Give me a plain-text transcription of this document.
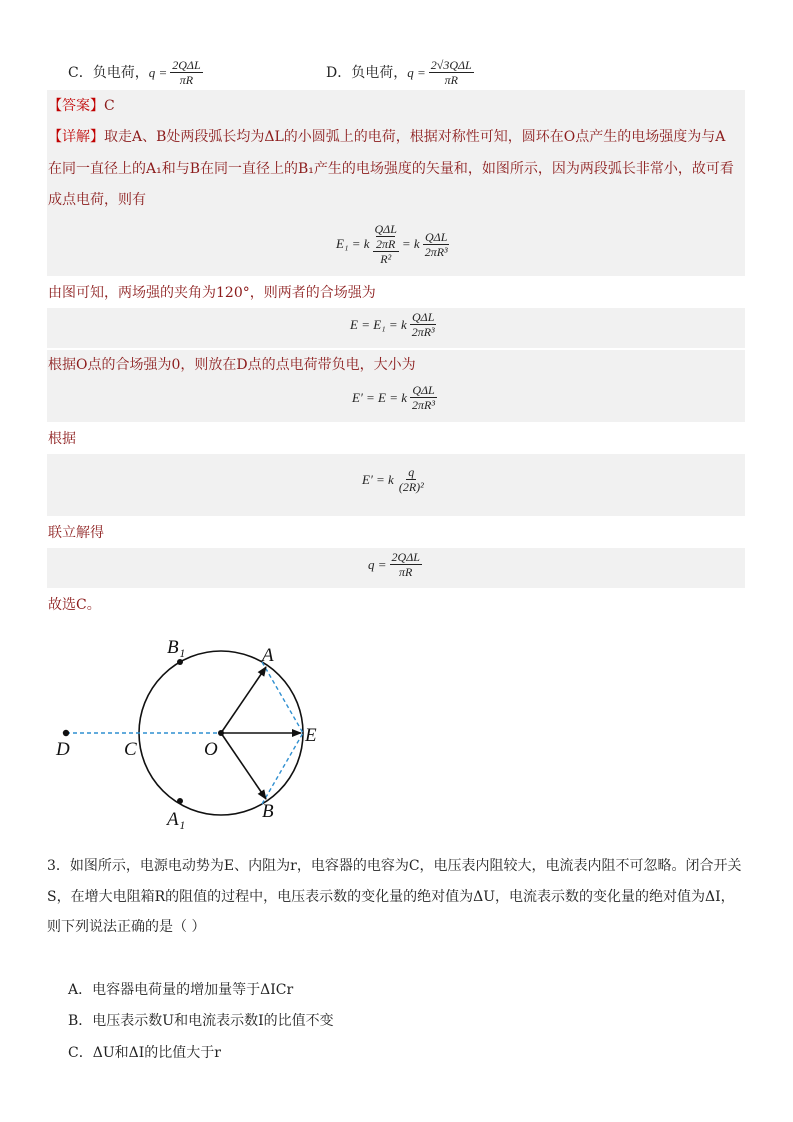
C．负电荷， $q = \frac{\text{2QΔL}}{\pi R}$	D．负电荷， $q = \frac{\text{2√3QΔL}}{\pi R}$
【答案】C
【详解】取走A、B处两段弧长均为ΔL的小圆弧上的电荷，根据对称性可知，圆环在O点产生的电场强度为与A
在同一直径上的A₁和与B在同一直径上的B₁产生的电场强度的矢量和，如图所示，因为两段弧长非常小，故可看
成点电荷，则有
E₁ = k QΔL
2πR
R² = k $\frac{\text{QΔL}}{\text{2πR³}}$
由图可知，两场强的夹角为120°，则两者的合场强为
E = E₁ = k $\frac{\text{QΔL}}{\text{2πR³}}$
根据O点的合场强为0，则放在D点的点电荷带负电，大小为
E′ = E = k $\frac{\text{QΔL}}{\text{2πR³}}$
根据
E′ = k $\frac{q}{\text{(2R)²}}$
联立解得
$q = \frac{\text{2QΔL}}{\pi R}$
故选C。
B₁	A
D	C	O
E
B
A₁
3．如图所示，电源电动势为E、内阻为r，电容器的电容为C，电压表内阻较大，电流表内阻不可忽略。闭合开关
S，在增大电阻箱R的阻值的过程中，电压表示数的变化量的绝对值为ΔU，电流表示数的变化量的绝对值为ΔI，
则下列说法正确的是（ ）
A．电容器电荷量的增加量等于ΔICr
B．电压表示数U和电流表示数I的比值不变
C．ΔU和ΔI的比值大于r
